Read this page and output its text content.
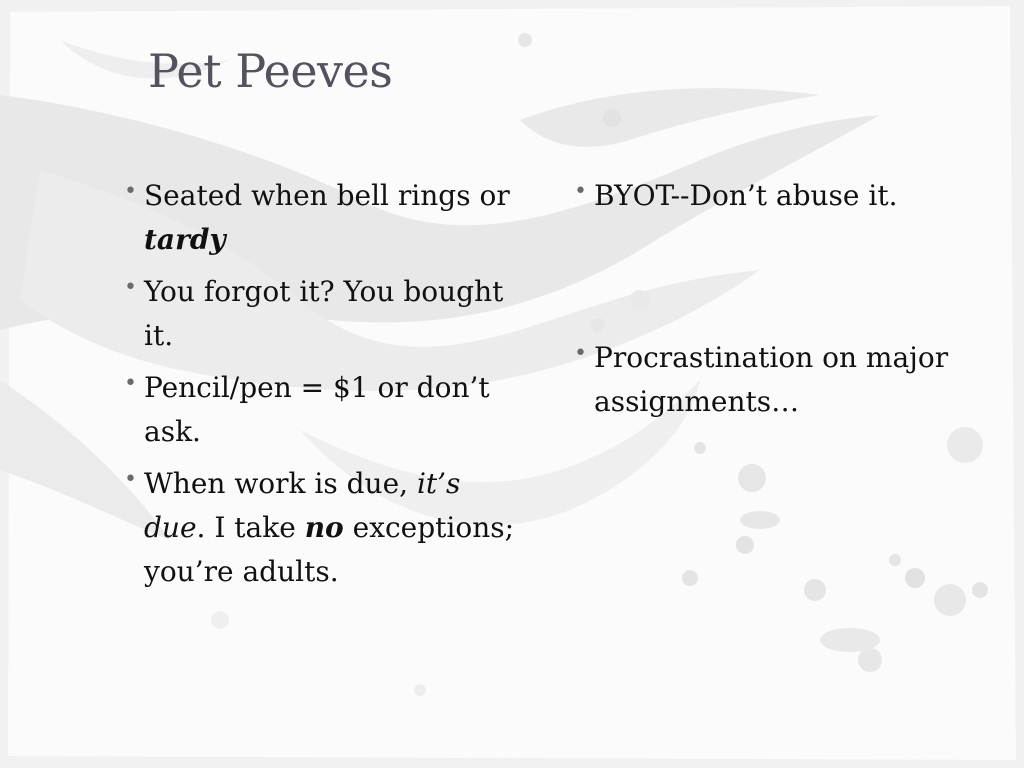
Pet Peeves
• Seated when bell rings or tardy
• You forgot it? You bought it.
• Pencil/pen = $1 or don’t ask.
• When work is due, it’s due. I take no exceptions; you’re adults.
• BYOT--Don’t abuse it.
• Procrastination on major assignments…
